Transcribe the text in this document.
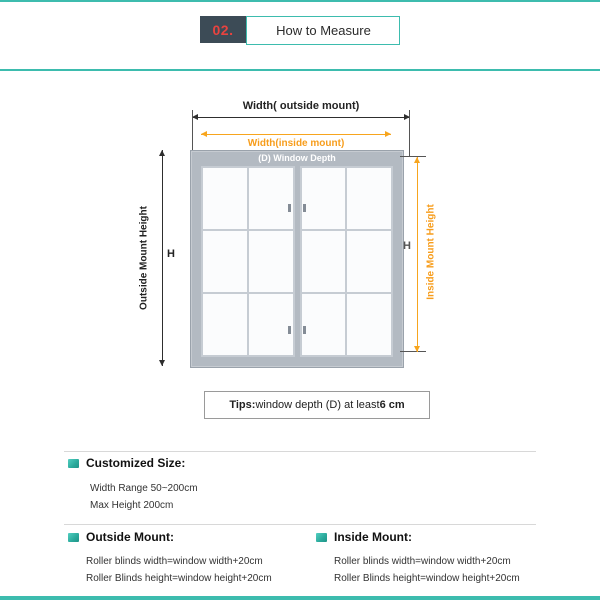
02.	How to Measure
Width( outside mount)
Width(inside mount)
(D) Window Depth
H
Outside Mount Height	H Inside Mount Height
Tips: window depth (D) at least 6 cm
Customized Size:
Width Range 50~200cm
Max Height 200cm
Outside Mount:
Roller blinds width=window width+20cm
Roller Blinds height=window height+20cm
Inside Mount:
Roller blinds width=window width+20cm
Roller Blinds height=window height+20cm
